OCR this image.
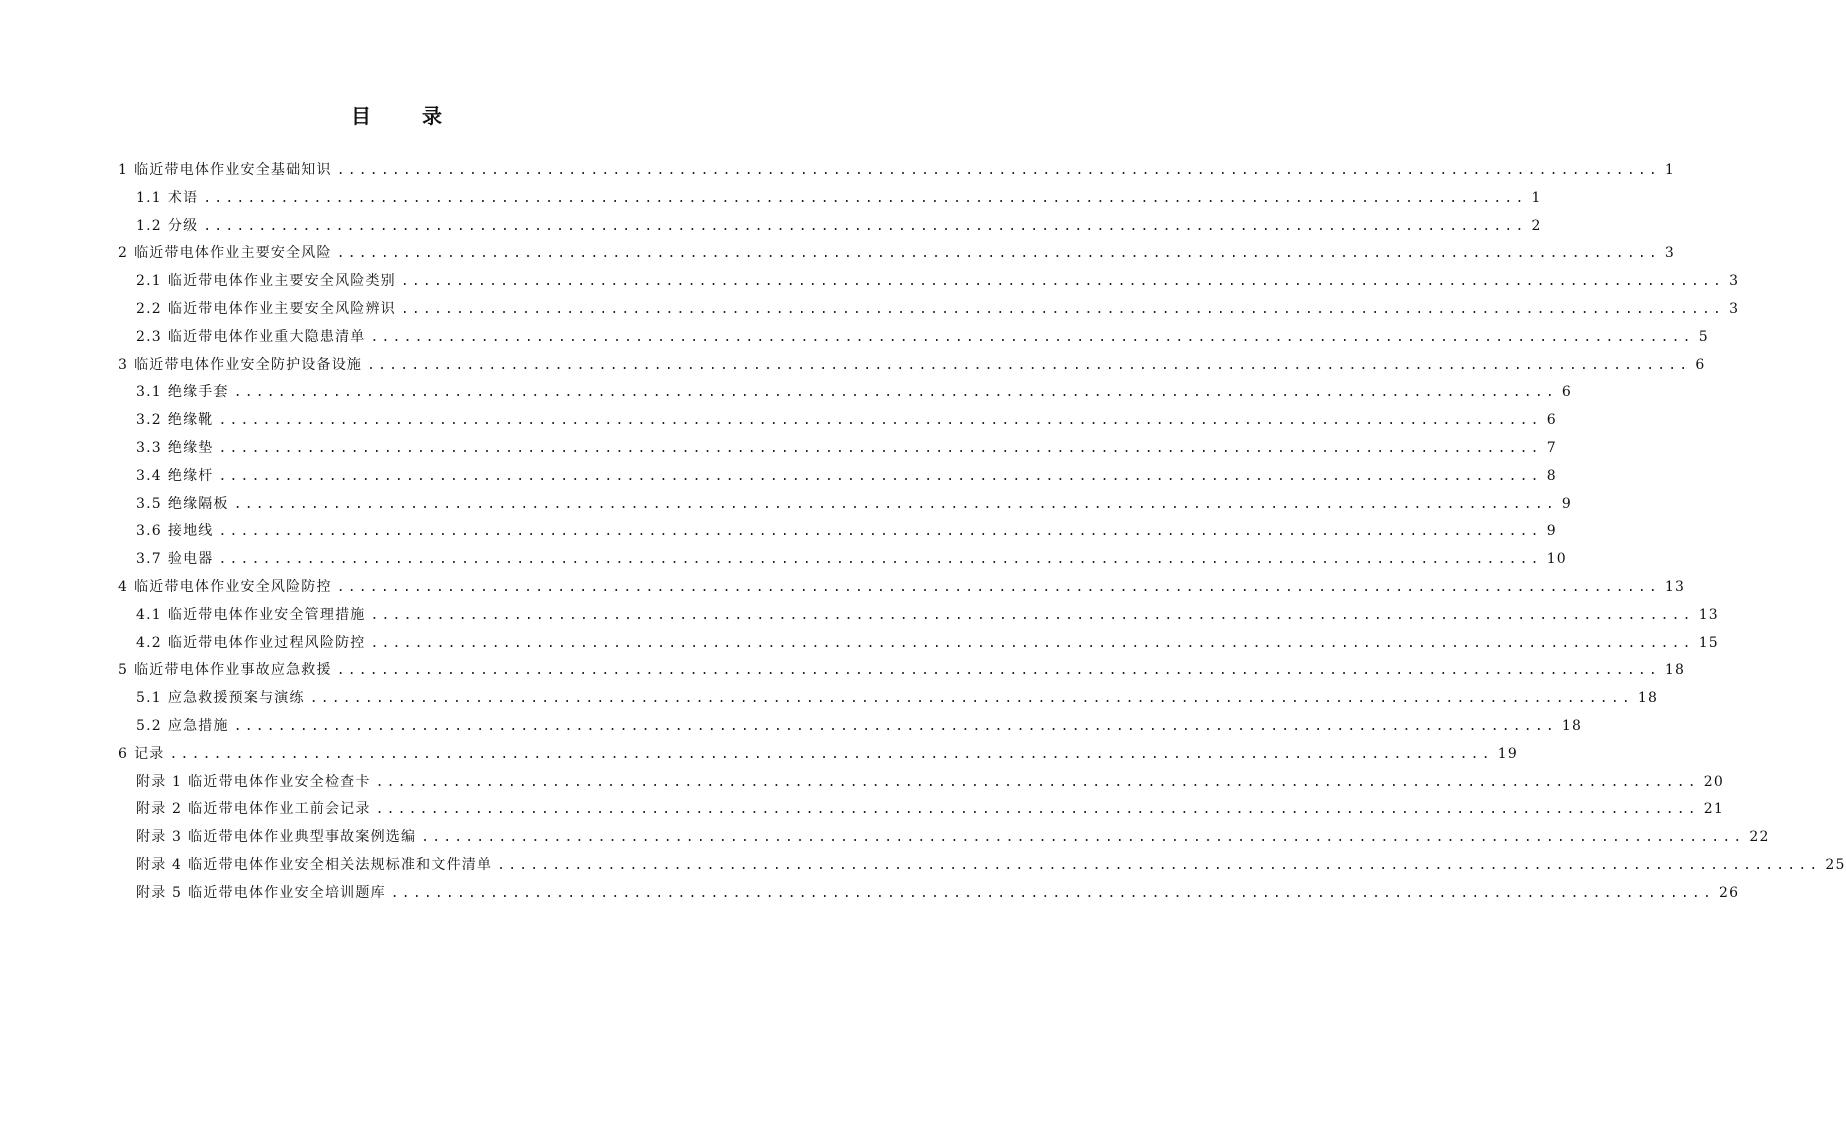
目 录
1 临近带电体作业安全基础知识 ........................................................................................................................ 1
1.1 术语 ........................................................................................................................ 1
1.2 分级 ........................................................................................................................ 2
2 临近带电体作业主要安全风险 ........................................................................................................................ 3
2.1 临近带电体作业主要安全风险类别 ........................................................................................................................ 3
2.2 临近带电体作业主要安全风险辨识 ........................................................................................................................ 3
2.3 临近带电体作业重大隐患清单 ........................................................................................................................ 5
3 临近带电体作业安全防护设备设施 ........................................................................................................................ 6
3.1 绝缘手套 ........................................................................................................................ 6
3.2 绝缘靴 ........................................................................................................................ 6
3.3 绝缘垫 ........................................................................................................................ 7
3.4 绝缘杆 ........................................................................................................................ 8
3.5 绝缘隔板 ........................................................................................................................ 9
3.6 接地线 ........................................................................................................................ 9
3.7 验电器 ........................................................................................................................ 10
4 临近带电体作业安全风险防控 ........................................................................................................................ 13
4.1 临近带电体作业安全管理措施 ........................................................................................................................ 13
4.2 临近带电体作业过程风险防控 ........................................................................................................................ 15
5 临近带电体作业事故应急救援 ........................................................................................................................ 18
5.1 应急救援预案与演练 ........................................................................................................................ 18
5.2 应急措施 ........................................................................................................................ 18
6 记录 ........................................................................................................................ 19
附录 1 临近带电体作业安全检查卡 ........................................................................................................................ 20
附录 2 临近带电体作业工前会记录 ........................................................................................................................ 21
附录 3 临近带电体作业典型事故案例选编 ........................................................................................................................ 22
附录 4 临近带电体作业安全相关法规标准和文件清单 ........................................................................................................................ 25
附录 5 临近带电体作业安全培训题库 ........................................................................................................................ 26
